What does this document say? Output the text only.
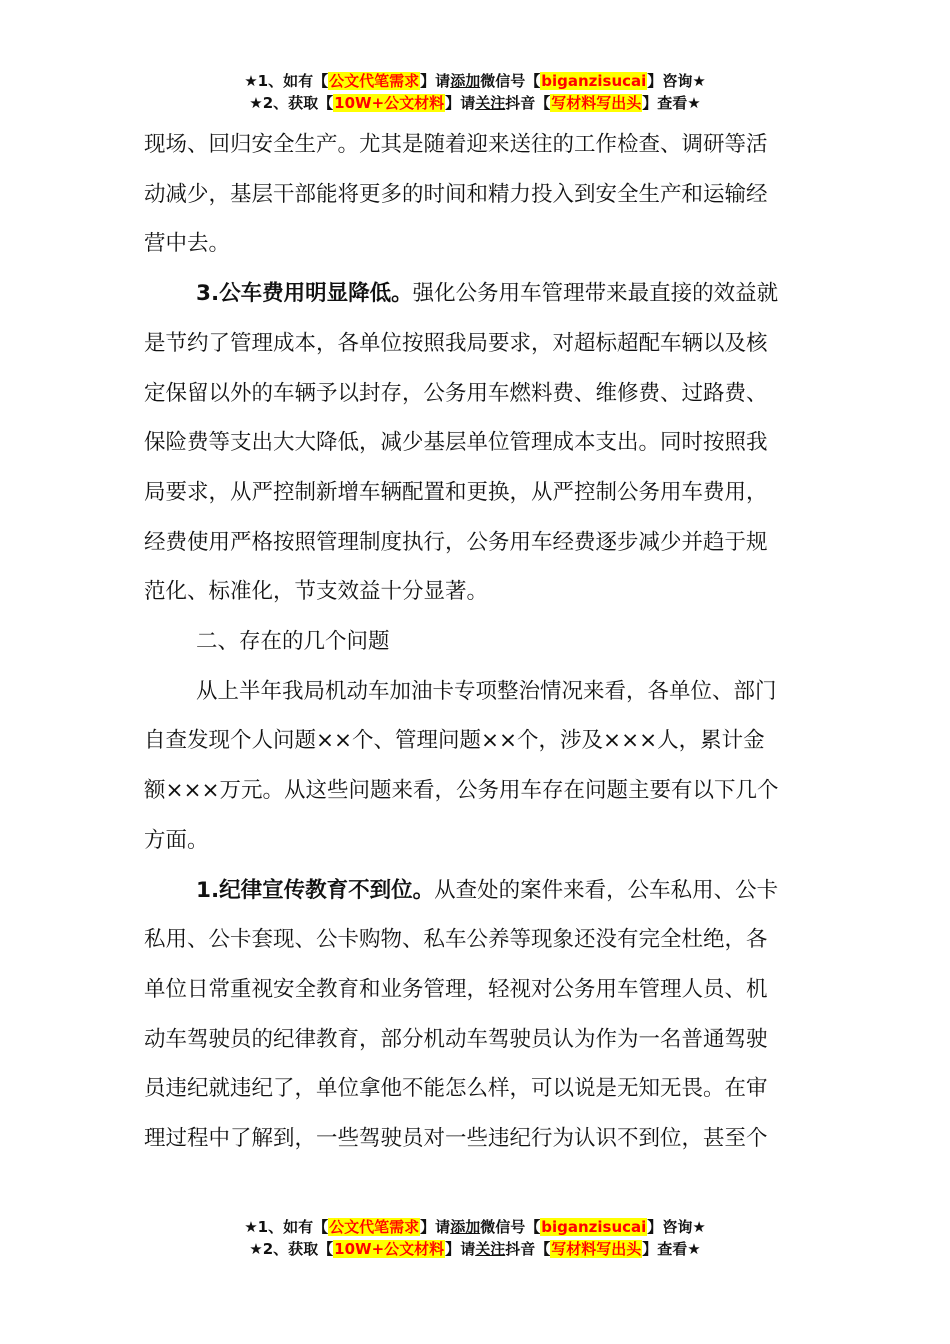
★1、如有【公文代笔需求】请添加微信号【biganzisucai】咨询★
★2、获取【10W+公文材料】请关注抖音【写材料写出头】查看★

现场、回归安全生产。尤其是随着迎来送往的工作检查、调研等活

动减少，基层干部能将更多的时间和精力投入到安全生产和运输经

营中去。

3.公车费用明显降低。强化公务用车管理带来最直接的效益就

是节约了管理成本，各单位按照我局要求，对超标超配车辆以及核

定保留以外的车辆予以封存，公务用车燃料费、维修费、过路费、

保险费等支出大大降低，减少基层单位管理成本支出。同时按照我

局要求，从严控制新增车辆配置和更换，从严控制公务用车费用，

经费使用严格按照管理制度执行，公务用车经费逐步减少并趋于规

范化、标准化，节支效益十分显著。

二、存在的几个问题

从上半年我局机动车加油卡专项整治情况来看，各单位、部门

自查发现个人问题××个、管理问题××个，涉及×××人，累计金

额×××万元。从这些问题来看，公务用车存在问题主要有以下几个

方面。

1.纪律宣传教育不到位。从查处的案件来看，公车私用、公卡

私用、公卡套现、公卡购物、私车公养等现象还没有完全杜绝，各

单位日常重视安全教育和业务管理，轻视对公务用车管理人员、机

动车驾驶员的纪律教育，部分机动车驾驶员认为作为一名普通驾驶

员违纪就违纪了，单位拿他不能怎么样，可以说是无知无畏。在审

理过程中了解到，一些驾驶员对一些违纪行为认识不到位，甚至个

★1、如有【公文代笔需求】请添加微信号【biganzisucai】咨询★
★2、获取【10W+公文材料】请关注抖音【写材料写出头】查看★
